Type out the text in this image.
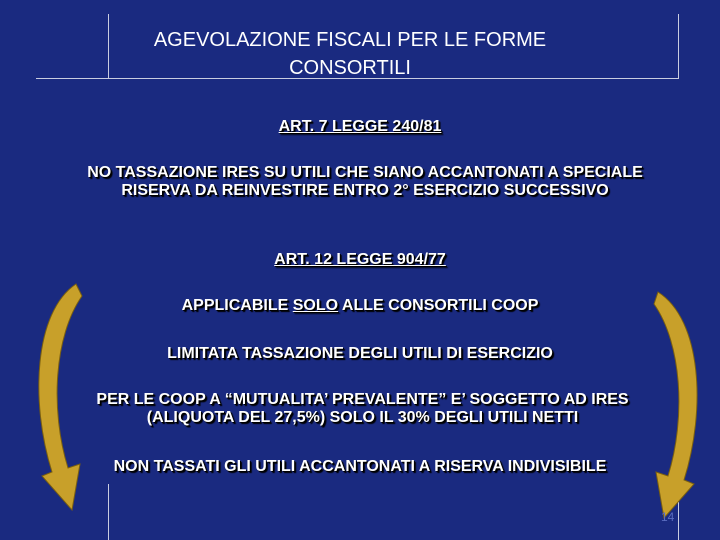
AGEVOLAZIONE FISCALI PER LE FORME CONSORTILI
ART. 7 LEGGE 240/81
NO TASSAZIONE IRES SU UTILI CHE SIANO ACCANTONATI A SPECIALE RISERVA DA REINVESTIRE ENTRO 2° ESERCIZIO SUCCESSIVO
ART. 12 LEGGE 904/77
APPLICABILE SOLO ALLE CONSORTILI COOP
LIMITATA TASSAZIONE DEGLI UTILI DI ESERCIZIO
PER LE COOP A “MUTUALITA’ PREVALENTE” E’ SOGGETTO AD IRES (ALIQUOTA DEL 27,5%) SOLO IL 30% DEGLI UTILI NETTI
NON TASSATI GLI UTILI ACCANTONATI A RISERVA INDIVISIBILE
14
